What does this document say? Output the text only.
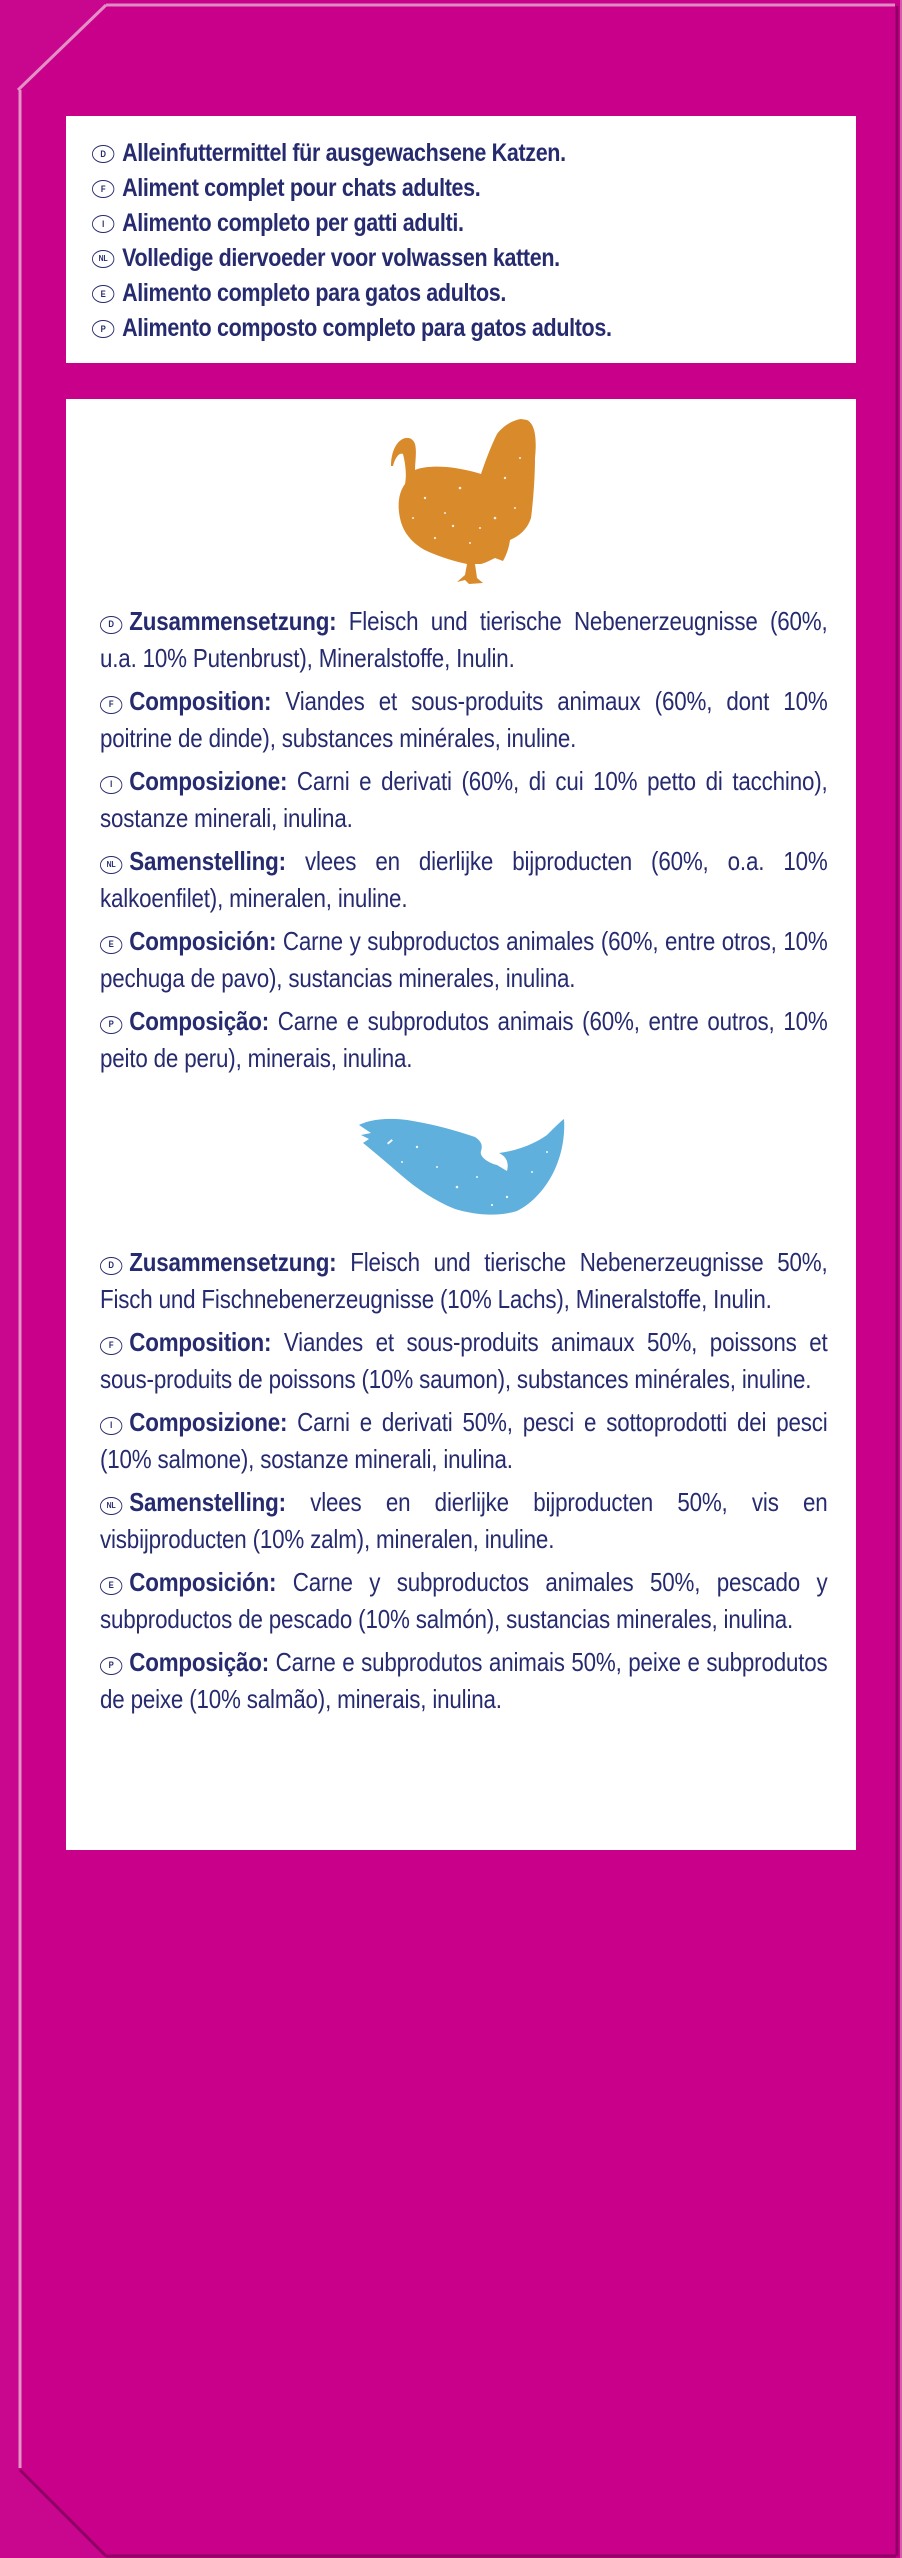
D Alleinfuttermittel für ausgewachsene Katzen.
F Aliment complet pour chats adultes.
I Alimento completo per gatti adulti.
NL Volledige diervoeder voor volwassen katten.
E Alimento completo para gatos adultos.
P Alimento composto completo para gatos adultos.

D Zusammensetzung: Fleisch und tierische Nebenerzeugnisse (60%, u.a. 10% Putenbrust), Mineralstoffe, Inulin.

F Composition: Viandes et sous-produits animaux (60%, dont 10% poitrine de dinde), substances minérales, inuline.

I Composizione: Carni e derivati (60%, di cui 10% petto di tacchino), sostanze minerali, inulina.

NL Samenstelling: vlees en dierlijke bijproducten (60%, o.a. 10% kalkoenfilet), mineralen, inuline.

E Composición: Carne y subproductos animales (60%, entre otros, 10% pechuga de pavo), sustancias minerales, inulina.

P Composição: Carne e subprodutos animais (60%, entre outros, 10% peito de peru), minerais, inulina.

D Zusammensetzung: Fleisch und tierische Nebenerzeugnisse 50%, Fisch und Fischnebenerzeugnisse (10% Lachs), Mineralstoffe, Inulin.

F Composition: Viandes et sous-produits animaux 50%, poissons et sous-produits de poissons (10% saumon), substances minérales, inuline.

I Composizione: Carni e derivati 50%, pesci e sottoprodotti dei pesci (10% salmone), sostanze minerali, inulina.

NL Samenstelling: vlees en dierlijke bijproducten 50%, vis en visbijproducten (10% zalm), mineralen, inuline.

E Composición: Carne y subproductos animales 50%, pescado y subproductos de pescado (10% salmón), sustancias minerales, inulina.

P Composição: Carne e subprodutos animais 50%, peixe e subprodutos de peixe (10% salmão), minerais, inulina.
